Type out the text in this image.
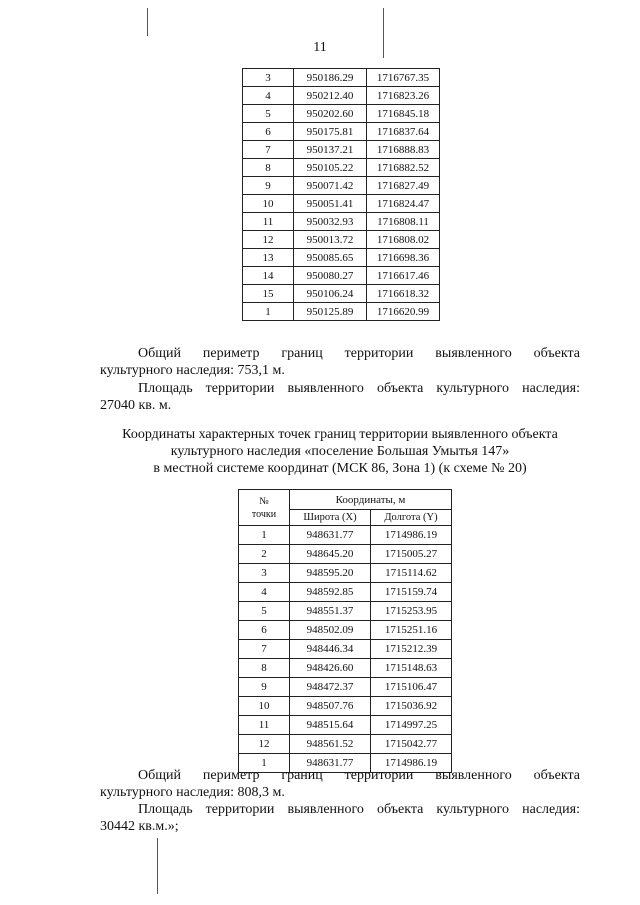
11
3	950186.29	1716767.35
4	950212.40	1716823.26
5	950202.60	1716845.18
6	950175.81	1716837.64
7	950137.21	1716888.83
8	950105.22	1716882.52
9	950071.42	1716827.49
10	950051.41	1716824.47
11	950032.93	1716808.11
12	950013.72	1716808.02
13	950085.65	1716698.36
14	950080.27	1716617.46
15	950106.24	1716618.32
1	950125.89	1716620.99
Общий периметр границ территории выявленного объекта
культурного наследия: 753,1 м.
Площадь территории выявленного объекта культурного наследия:
27040 кв. м.
Координаты характерных точек границ территории выявленного объекта
культурного наследия «поселение Большая Умытья 147»
в местной системе координат (МСК 86, Зона 1) (к схеме № 20)
№
точки	Координаты, м	
	Широта (X)	Долгота (Y)
1	948631.77	1714986.19
2	948645.20	1715005.27
3	948595.20	1715114.62
4	948592.85	1715159.74
5	948551.37	1715253.95
6	948502.09	1715251.16
7	948446.34	1715212.39
8	948426.60	1715148.63
9	948472.37	1715106.47
10	948507.76	1715036.92
11	948515.64	1714997.25
12	948561.52	1715042.77
1	948631.77	1714986.19
Общий периметр границ территории выявленного объекта
культурного наследия: 808,3 м.
Площадь территории выявленного объекта культурного наследия:
30442 кв.м.»;
